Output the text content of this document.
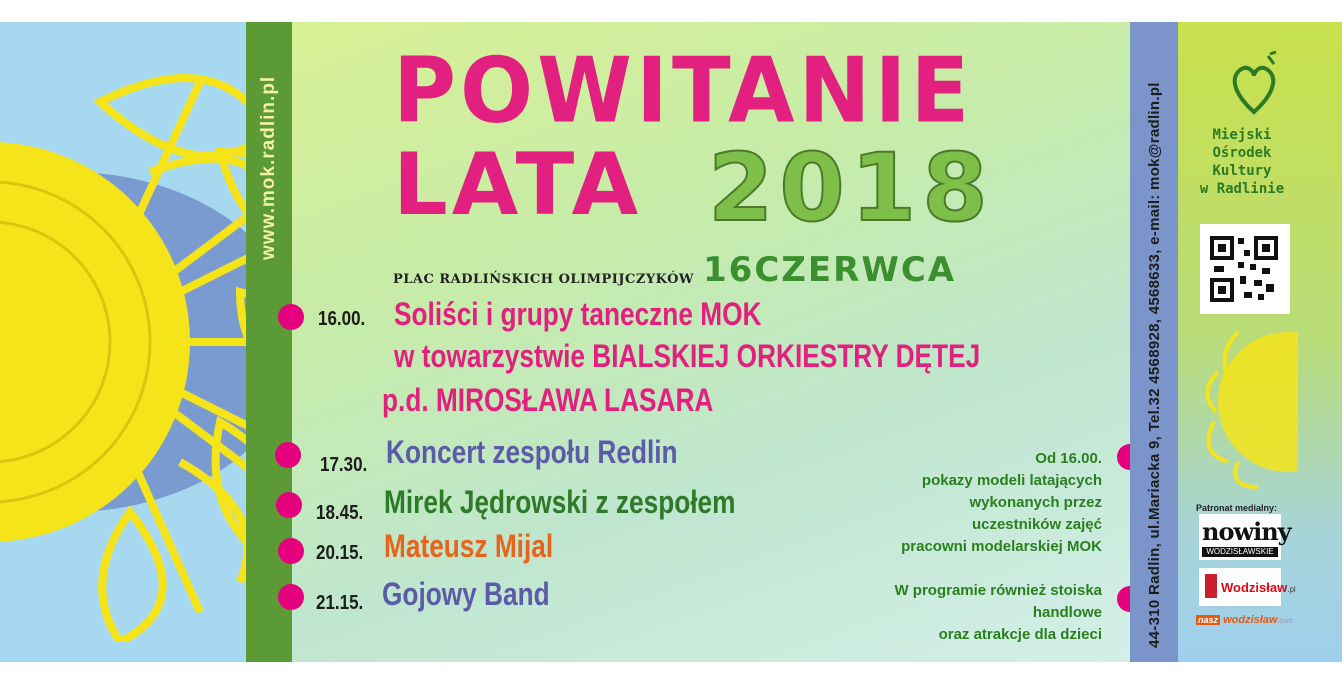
www.mok.radlin.pl POWITANIE
LATA 2018
PLAC RADLIŃSKICH OLIMPIJCZYKÓW 16CZERWCA
16.00. Soliści i grupy taneczne MOK
w towarzystwie BIALSKIEJ ORKIESTRY DĘTEJ
p.d. MIROSŁAWA LASARA
17.30. Koncert zespołu Redlin
18.45. Mirek Jędrowski z zespołem
20.15. Mateusz Mijal
21.15. Gojowy Band
Od 16.00.
pokazy modeli latających
wykonanych przez
uczestników zajęć
pracowni modelarskiej MOK
W programie również stoiska handlowe
oraz atrakcje dla dzieci	44-310 Radlin, ul.Mariacka 9, Tel.32 4568928, 4568633, e-mail: mok@radlin.pl	Miejski
Ośrodek
Kultury
w Radlinie
Patronat medialny:
nowiny
WODZISŁAWSKIE
Wodzisław.pl
nasz wodzisław.com
